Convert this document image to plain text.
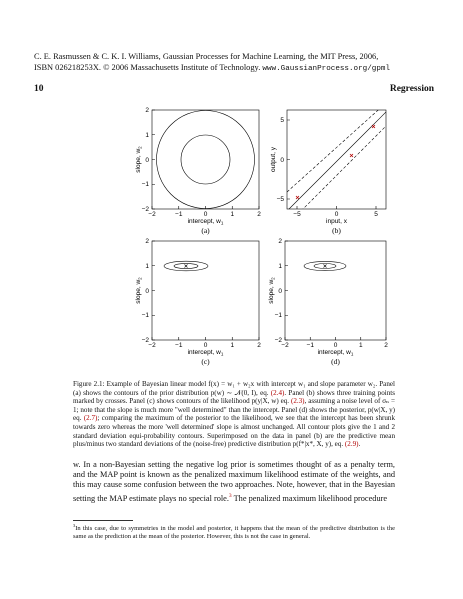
C. E. Rasmussen & C. K. I. Williams, Gaussian Processes for Machine Learning, the MIT Press, 2006,
ISBN 026218253X. © 2006 Massachusetts Institute of Technology. www.GaussianProcess.org/gpml
10	Regression
−2	−1	0	1	2
2
1
0
−1
−2
intercept, $w_1$
slope, $w_2$
(a)
−5	0	5
5
0
−5
input, x
output, y
(b)
−2	−1	0	1	2
2
1
0
−1
−2
intercept, $w_1$
slope, $w_2$
(c)
−2	−1	0	1	2
2
1
0
−1
−2
intercept, $w_1$
slope, $w_2$
(d)
Figure 2.1: Example of Bayesian linear model f(x) = w₁ + w₂x with intercept w₁ and slope parameter w₂. Panel (a) shows the contours of the prior distribution p(w) ∼ 𝒩(0, I), eq. (2.4). Panel (b) shows three training points marked by crosses. Panel (c) shows contours of the likelihood p(y|X, w) eq. (2.3), assuming a noise level of σₙ = 1; note that the slope is much more "well determined" than the intercept. Panel (d) shows the posterior, p(w|X, y) eq. (2.7); comparing the maximum of the posterior to the likelihood, we see that the intercept has been shrunk towards zero whereas the more 'well determined' slope is almost unchanged. All contour plots give the 1 and 2 standard deviation equi-probability contours. Superimposed on the data in panel (b) are the predictive mean plus/minus two standard deviations of the (noise-free) predictive distribution p(f*|x*, X, y), eq. (2.9).
w. In a non-Bayesian setting the negative log prior is sometimes thought of as a penalty term, and the MAP point is known as the penalized maximum likelihood estimate of the weights, and this may cause some confusion between the two approaches. Note, however, that in the Bayesian setting the MAP estimate plays no special role.$^3$ The penalized maximum likelihood procedure
$^3$In this case, due to symmetries in the model and posterior, it happens that the mean of the predictive distribution is the same as the prediction at the mean of the posterior. However, this is not the case in general.
